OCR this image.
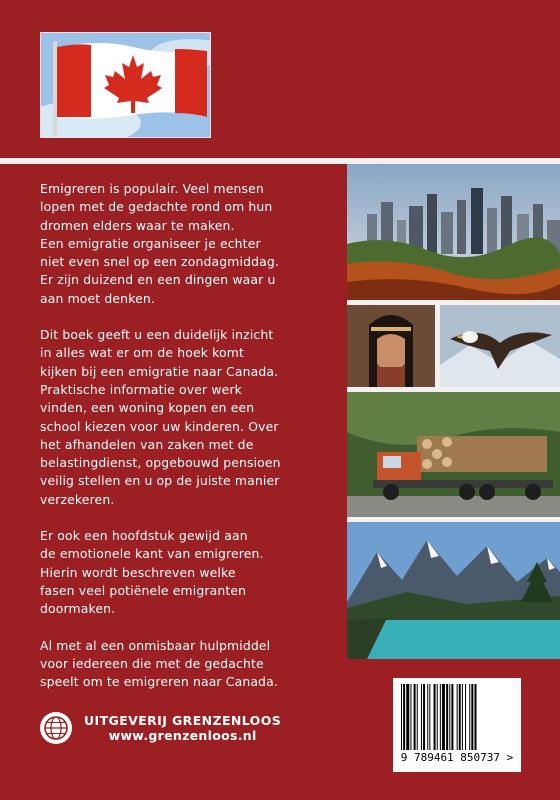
Emigreren is populair. Veel mensen
lopen met de gedachte rond om hun
dromen elders waar te maken.
Een emigratie organiseer je echter
niet even snel op een zondagmiddag.
Er zijn duizend en een dingen waar u
aan moet denken.

Dit boek geeft u een duidelijk inzicht
in alles wat er om de hoek komt
kijken bij een emigratie naar Canada.
Praktische informatie over werk
vinden, een woning kopen en een
school kiezen voor uw kinderen. Over
het afhandelen van zaken met de
belastingdienst, opgebouwd pensioen
veilig stellen en u op de juiste manier
verzekeren.

Er ook een hoofdstuk gewijd aan
de emotionele kant van emigreren.
Hierin wordt beschreven welke
fasen veel potiënele emigranten
doormaken.

Al met al een onmisbaar hulpmiddel
voor iedereen die met de gedachte
speelt om te emigreren naar Canada.

UITGEVERIJ GRENZENLOOS
www.grenzenloos.nl
9 789461 850737 >
